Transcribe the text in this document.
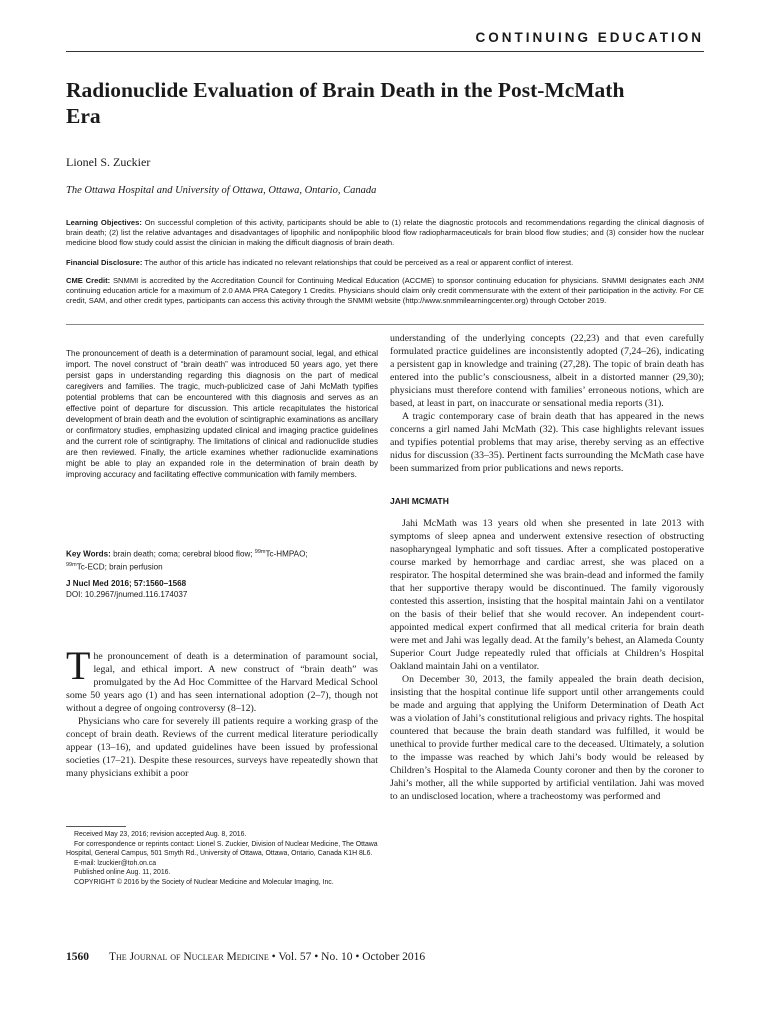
CONTINUING EDUCATION
Radionuclide Evaluation of Brain Death in the Post-McMath Era
Lionel S. Zuckier
The Ottawa Hospital and University of Ottawa, Ottawa, Ontario, Canada
Learning Objectives: On successful completion of this activity, participants should be able to (1) relate the diagnostic protocols and recommendations regarding the clinical diagnosis of brain death; (2) list the relative advantages and disadvantages of lipophilic and nonlipophilic blood flow radiopharmaceuticals for brain blood flow studies; and (3) consider how the nuclear medicine blood flow study could assist the clinician in making the difficult diagnosis of brain death.
Financial Disclosure: The author of this article has indicated no relevant relationships that could be perceived as a real or apparent conflict of interest.
CME Credit: SNMMI is accredited by the Accreditation Council for Continuing Medical Education (ACCME) to sponsor continuing education for physicians. SNMMI designates each JNM continuing education article for a maximum of 2.0 AMA PRA Category 1 Credits. Physicians should claim only credit commensurate with the extent of their participation in the activity. For CE credit, SAM, and other credit types, participants can access this activity through the SNMMI website (http://www.snmmilearningcenter.org) through October 2019.
The pronouncement of death is a determination of paramount social, legal, and ethical import. The novel construct of “brain death” was introduced 50 years ago, yet there persist gaps in understanding regarding this diagnosis on the part of medical caregivers and families. The tragic, much-publicized case of Jahi McMath typifies potential problems that can be encountered with this diagnosis and serves as an effective point of departure for discussion. This article recapitulates the historical development of brain death and the evolution of scintigraphic examinations as ancillary or confirmatory studies, emphasizing updated clinical and imaging practice guidelines and the current role of scintigraphy. The limitations of clinical and radionuclide studies are then reviewed. Finally, the article examines whether radionuclide examinations might be able to play an expanded role in the determination of brain death by improving accuracy and facilitating effective communication with family members.
Key Words: brain death; coma; cerebral blood flow; $^{99m}$Tc-HMPAO;
$^{99m}$Tc-ECD; brain perfusion
J Nucl Med 2016; 57:1560–1568
DOI: 10.2967/jnumed.116.174037

The pronouncement of death is a determination of paramount social, legal, and ethical import. A new construct of “brain death” was promulgated by the Ad Hoc Committee of the Harvard Medical School some 50 years ago (1) and has seen international adoption (2–7), though not without a degree of ongoing controversy (8–12).

Physicians who care for severely ill patients require a working grasp of the concept of brain death. Reviews of the current medical literature periodically appear (13–16), and updated guidelines have been issued by professional societies (17–21). Despite these resources, surveys have repeatedly shown that many physicians exhibit a poor

Received May 23, 2016; revision accepted Aug. 8, 2016.
For correspondence or reprints contact: Lionel S. Zuckier, Division of Nuclear Medicine, The Ottawa Hospital, General Campus, 501 Smyth Rd., University of Ottawa, Ottawa, Ontario, Canada K1H 8L6.
E-mail: lzuckier@toh.on.ca
Published online Aug. 11, 2016.
COPYRIGHT © 2016 by the Society of Nuclear Medicine and Molecular Imaging, Inc.

understanding of the underlying concepts (22,23) and that even carefully formulated practice guidelines are inconsistently adopted (7,24–26), indicating a persistent gap in knowledge and training (27,28). The topic of brain death has entered into the public’s consciousness, albeit in a distorted manner (29,30); physicians must therefore contend with families’ erroneous notions, which are based, at least in part, on inaccurate or sensational media reports (31).

A tragic contemporary case of brain death that has appeared in the news concerns a girl named Jahi McMath (32). This case highlights relevant issues and typifies potential problems that may arise, thereby serving as an effective nidus for discussion (33–35). Pertinent facts surrounding the McMath case have been summarized from prior publications and news reports.

JAHI MCMATH

Jahi McMath was 13 years old when she presented in late 2013 with symptoms of sleep apnea and underwent extensive resection of obstructing nasopharyngeal lymphatic and soft tissues. After a complicated postoperative course marked by hemorrhage and cardiac arrest, she was placed on a respirator. The hospital determined she was brain-dead and informed the family that her supportive therapy would be discontinued. The family vigorously contested this assertion, insisting that the hospital maintain Jahi on a ventilator on the basis of their belief that she would recover. An independent court-appointed medical expert confirmed that all medical criteria for brain death were met and Jahi was legally dead. At the family’s behest, an Alameda County Superior Court Judge repeatedly ruled that officials at Children’s Hospital Oakland maintain Jahi on a ventilator.

On December 30, 2013, the family appealed the brain death decision, insisting that the hospital continue life support until other arrangements could be made and arguing that applying the Uniform Determination of Death Act was a violation of Jahi’s constitutional religious and privacy rights. The hospital countered that because the brain death standard was fulfilled, it would be unethical to provide further medical care to the deceased. Ultimately, a solution to the impasse was reached by which Jahi’s body would be released by Children’s Hospital to the Alameda County coroner and then by the coroner to Jahi’s mother, all the while supported by artificial ventilation. Jahi was moved to an undisclosed location, where a tracheostomy was performed and

1560 The Journal of Nuclear Medicine • Vol. 57 • No. 10 • October 2016
